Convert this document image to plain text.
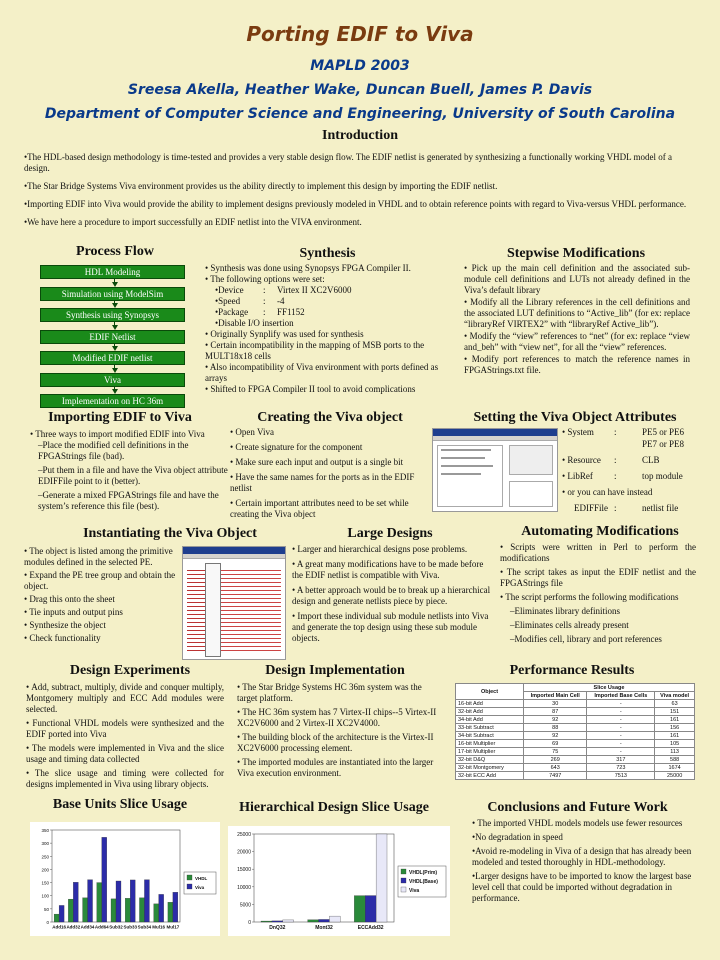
Porting EDIF to Viva
MAPLD 2003
Sreesa Akella, Heather Wake, Duncan Buell, James P. Davis
Department of Computer Science and Engineering, University of South Carolina
Introduction

•The HDL-based design methodology is time-tested and provides a very stable design flow. The EDIF netlist is generated by synthesizing a functionally working VHDL model of a design.

•The Star Bridge Systems Viva environment provides us the ability directly to implement this design by importing the EDIF netlist.

•Importing EDIF into Viva would provide the ability to implement designs previously modeled in VHDL and to obtain reference points with regard to Viva-versus VHDL performance.

•We have here a procedure to import successfully an EDIF netlist into the VIVA environment.

Process Flow
HDL Modeling
Simulation using ModelSim
Synthesis using Synopsys
EDIF Netlist
Modified EDIF netlist
Viva
Implementation on HC 36m
Synthesis

• Synthesis was done using Synopsys FPGA Compiler II.

• The following options were set:

•Device : Virtex II XC2V6000

•Speed	: -4

•Package : FF1152

•Disable I/O insertion

• Originally Synplify was used for synthesis

• Certain incompatibility in the mapping of MSB ports to the MULT18x18 cells

• Also incompatibility of Viva environment with ports defined as arrays

• Shifted to FPGA Compiler II tool to avoid complications

Stepwise Modifications

• Pick up the main cell definition and the associated sub-module cell definitions and LUTs not already defined in the Viva’s default library

• Modify all the Library references in the cell definitions and the associated LUT definitions to “Active_lib” (for ex: replace “libraryRef VIRTEX2” with “libraryRef Active_lib”).

• Modify the “view” references to “net” (for ex: replace “view and_beh” with “view net”, for all the “view” references.

• Modify port references to match the reference names in FPGAStrings.txt file.

Importing EDIF to Viva

• Three ways to import modified EDIF into Viva

–Place the modified cell definitions in the FPGAStrings file (bad).

–Put them in a file and have the Viva object attribute EDIFFile point to it (better).

–Generate a mixed FPGAStrings file and have the system’s reference this file (best).

Creating the Viva object

• Open Viva

• Create signature for the component

• Make sure each input and output is a single bit

• Have the same names for the ports as in the EDIF netlist

• Certain important attributes need to be set while creating the Viva object

Setting the Viva Object Attributes

• System :	PE5 or PE6

PE7 or PE8

• Resource :	CLB

• LibRef :	top module

• or you can have instead

EDIFFile :	netlist file

Instantiating the Viva Object

• The object is listed among the primitive modules defined in the selected PE.

• Expand the PE tree group and obtain the object.

• Drag this onto the sheet

• Tie inputs and output pins

• Synthesize the object

• Check functionality

Large Designs

• Larger and hierarchical designs pose problems.

• A great many modifications have to be made before the EDIF netlist is compatible with Viva.

• A better approach would be to break up a hierarchical design and generate netlists piece by piece.

• Import these individual sub module netlists into Viva and generate the top design using these sub module objects.

Automating Modifications

• Scripts were written in Perl to perform the modifications

• The script takes as input the EDIF netlist and the FPGAStrings file

• The script performs the following modifications

–Eliminates library definitions

–Eliminates cells already present

–Modifies cell, library and port references

Design Experiments

• Add, subtract, multiply, divide and conquer multiply, Montgomery multiply and ECC Add modules were selected.

• Functional VHDL models were synthesized and the EDIF ported into Viva

• The models were implemented in Viva and the slice usage and timing data collected

• The slice usage and timing were collected for designs implemented in Viva using library objects.

Design Implementation

• The Star Bridge Systems HC 36m system was the target platform.

• The HC 36m system has 7 Virtex-II chips--5 Virtex-II XC2V6000 and 2 Virtex-II XC2V4000.

• The building block of the architecture is the Virtex-II XC2V6000 processing element.

• The imported modules are instantiated into the larger Viva execution environment.

Performance Results
Object	Slice Usage		
	Imported Main Cell	Imported Base Cells	Viva model
16-bit Add	30	-	63
32-bit Add	87	-	151
34-bit Add	92	-	161
33-bit Subtract	88	-	156
34-bit Subtract	92	-	161
16-bit Multiplier	69	-	105
17-bit Multiplier	75	-	113
32-bit D&Q	269	317	588
32-bit Montgomery	643	723	1674
32-bit ECC Add	7497	7513	25000
Base Units Slice Usage
0
50
100
150
200
250
300
350
Add16 Add32 Add34 Add64 Sub32 Sub33 Sub34 Mul16 Mul17
VHDL
Viva
Hierarchical Design Slice Usage
0
5000
10000
15000
20000
25000
DnQ32	Mont32	ECCAdd32
VHDL(Prim)
VHDL(Base)
Viva
Conclusions and Future Work

• The imported VHDL models models use fewer resources

•No degradation in speed

•Avoid re-modeling in Viva of a design that has already been modeled and tested thoroughly in HDL-methodology.

•Larger designs have to be imported to know the largest base level cell that could be imported without degradation in performance.
